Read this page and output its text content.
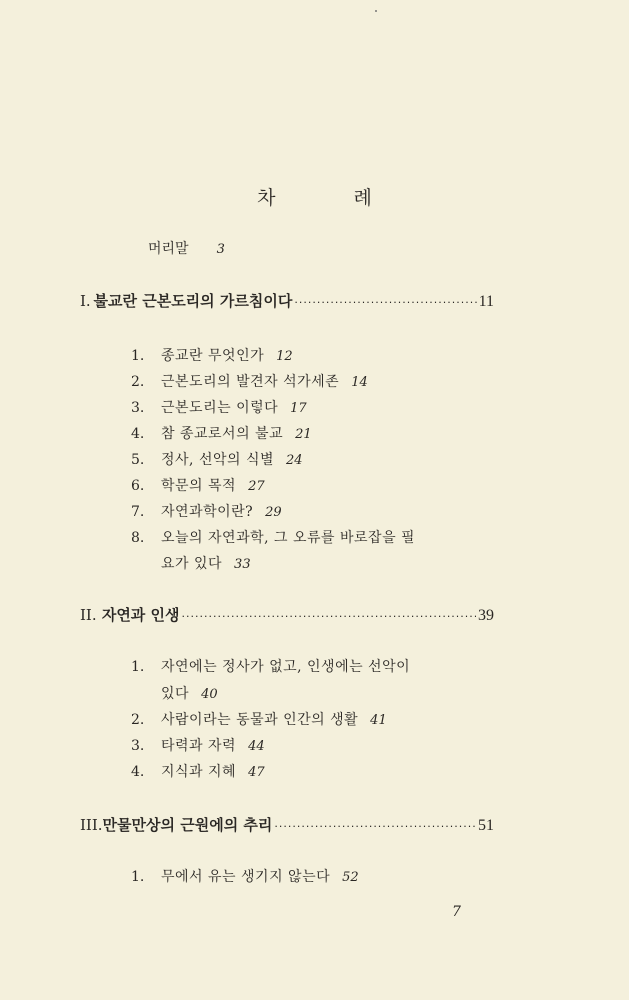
차	례
머리말 3
I. 불교란 근본도리의 가르침이다 ·····	11
1.	종교란 무엇인가 12
2.	근본도리의 발견자 석가세존 14
3.	근본도리는 이렇다 17
4.	참 종교로서의 불교 21
5.	정사, 선악의 식별 24
6.	학문의 목적 27
7.	자연과학이란? 29
8.	오늘의 자연과학, 그 오류를 바로잡을 필
요가 있다 33
II. 자연과 인생 ·····	39
1.	자연에는 정사가 없고, 인생에는 선악이
있다 40
2.	사람이라는 동물과 인간의 생활 41
3.	타력과 자력 44
4.	지식과 지혜 47
III. 만물만상의 근원에의 추리 ·····	51
1.	무에서 유는 생기지 않는다 52
7
